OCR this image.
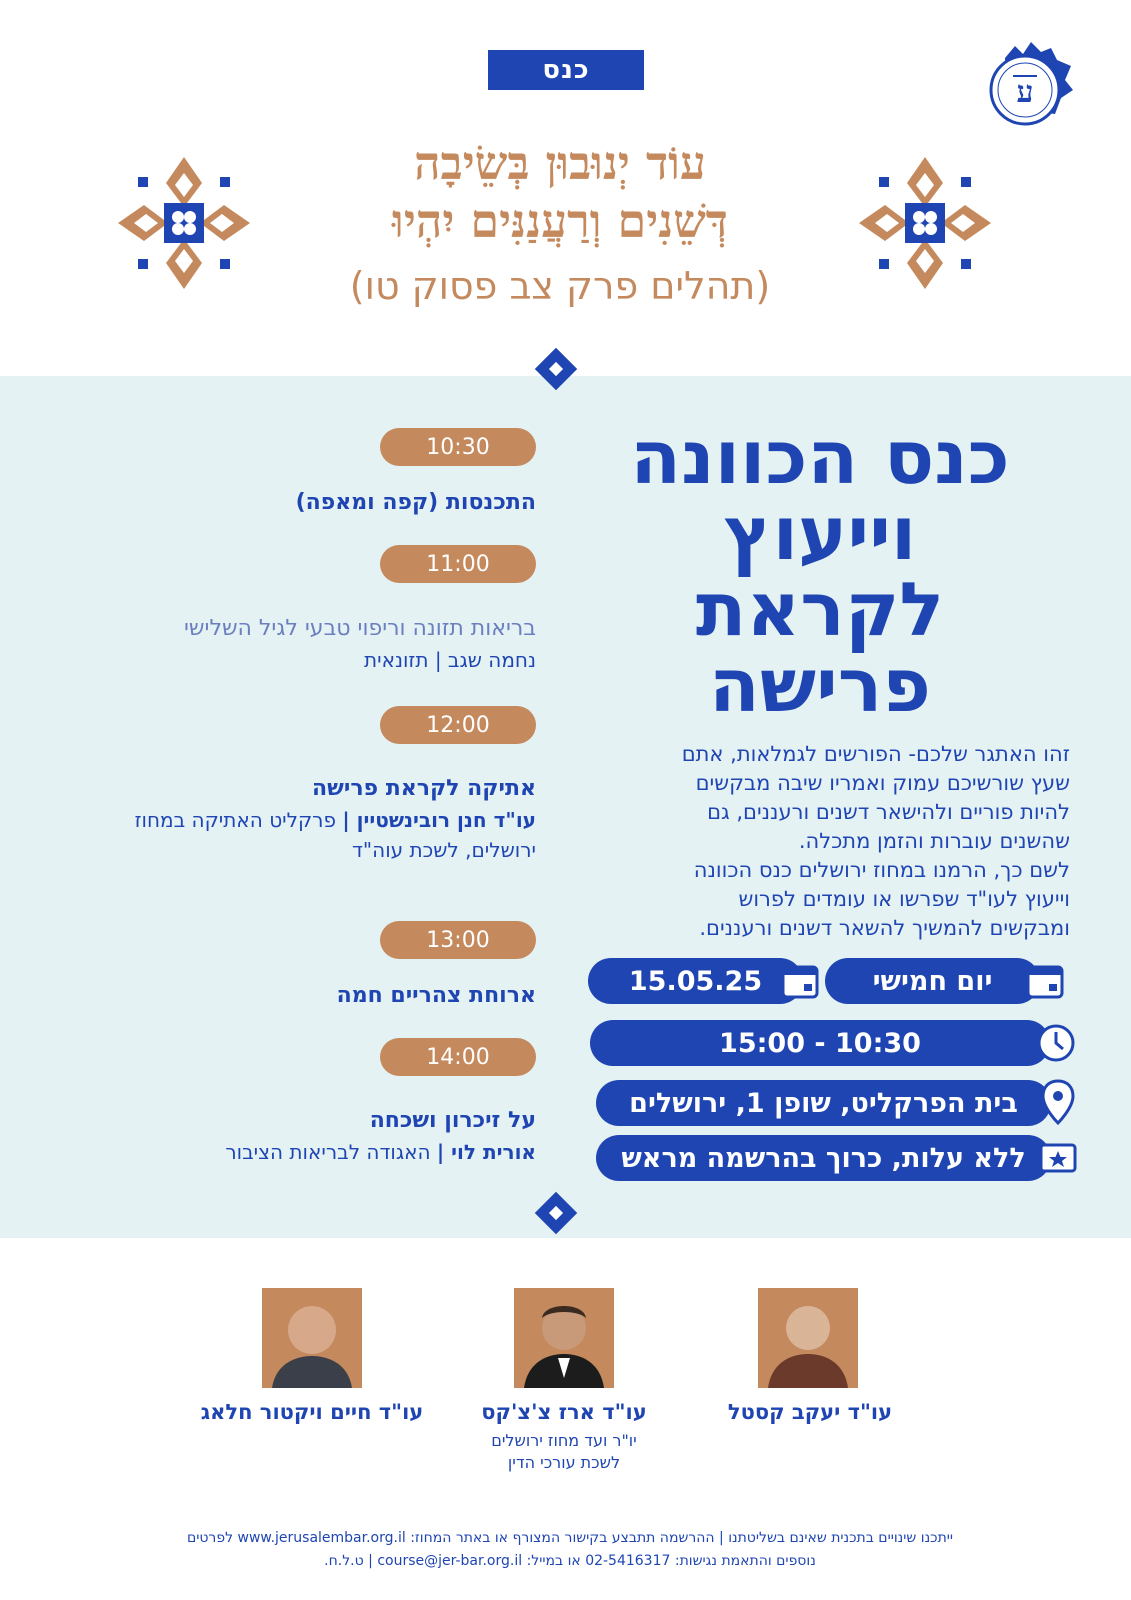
ע
כנס
עוֹד יְנוּבוּן בְּשֵׂיבָה
דְּשֵׁנִים וְרַעֲנַנִּים יִהְיוּ
(תהלים פרק צב פסוק טו)
כנס הכוונה
וייעוץ
לקראת
פרישה
זהו האתגר שלכם- הפורשים לגמלאות, אתם
שעץ שורשיכם עמוק ואמריו שיבה מבקשים
להיות פוריים ולהישאר דשנים ורעננים, גם
שהשנים עוברות והזמן מתכלה.
לשם כך, הרמנו במחוז ירושלים כנס הכוונה
וייעוץ לעו"ד שפרשו או עומדים לפרוש
ומבקשים להמשיך להשאר דשנים ורעננים.
יום חמישי
15.05.25
15:00 - 10:30
בית הפרקליט, שופן 1, ירושלים
ללא עלות, כרוך בהרשמה מראש
10:30
התכנסות (קפה ומאפה)
11:00
בריאות תזונה וריפוי טבעי לגיל השלישי
נחמה שגב | תזונאית
12:00
אתיקה לקראת פרישה
עו"ד חנן רובינשטיין | פרקליט האתיקה במחוז
ירושלים, לשכת עוה"ד
13:00
ארוחת צהריים חמה
14:00
על זיכרון ושכחה
אורית לוי | האגודה לבריאות הציבור
עו"ד יעקב קסטל
עו"ד ארז צ'צ'קס
יו"ר ועד מחוז ירושלים
לשכת עורכי הדין
עו"ד חיים ויקטור חלאג
ייתכנו שינויים בתכנית שאינם בשליטתנו | ההרשמה תתבצע בקישור המצורף או באתר המחוז: www.jerusalembar.org.il לפרטים
נוספים והתאמת נגישות: 02-5416317 או במייל: course@jer-bar.org.il | ט.ל.ח.
